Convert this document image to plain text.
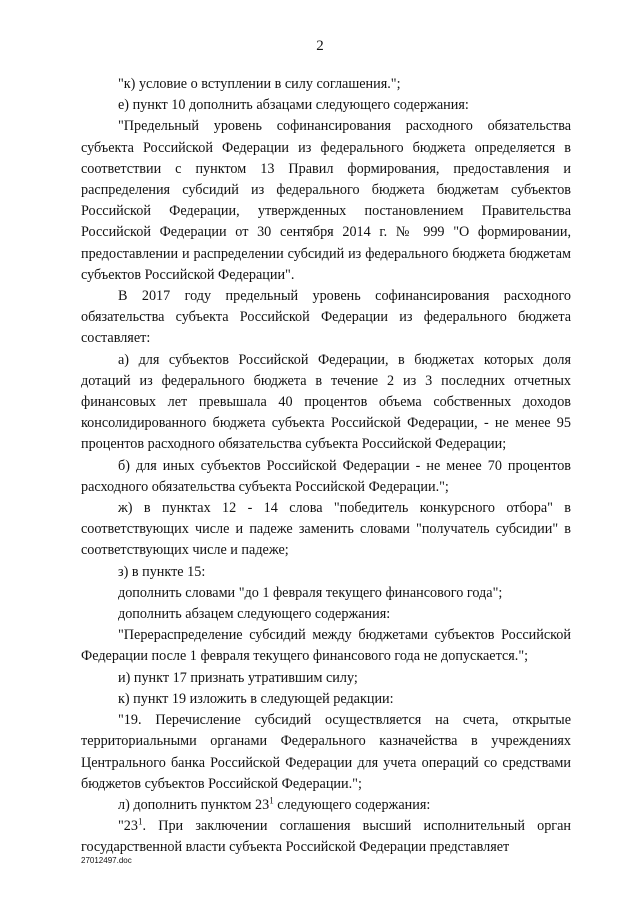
2

"к) условие о вступлении в силу соглашения.";

е) пункт 10 дополнить абзацами следующего содержания:

"Предельный уровень софинансирования расходного обязательства субъекта Российской Федерации из федерального бюджета определяется в соответствии с пунктом 13 Правил формирования, предоставления и распределения субсидий из федерального бюджета бюджетам субъектов Российской Федерации, утвержденных постановлением Правительства Российской Федерации от 30 сентября 2014 г. № 999 "О формировании, предоставлении и распределении субсидий из федерального бюджета бюджетам субъектов Российской Федерации".

В 2017 году предельный уровень софинансирования расходного обязательства субъекта Российской Федерации из федерального бюджета составляет:

а) для субъектов Российской Федерации, в бюджетах которых доля дотаций из федерального бюджета в течение 2 из 3 последних отчетных финансовых лет превышала 40 процентов объема собственных доходов консолидированного бюджета субъекта Российской Федерации, - не менее 95 процентов расходного обязательства субъекта Российской Федерации;

б) для иных субъектов Российской Федерации - не менее 70 процентов расходного обязательства субъекта Российской Федерации.";

ж) в пунктах 12 - 14 слова "победитель конкурсного отбора" в соответствующих числе и падеже заменить словами "получатель субсидии" в соответствующих числе и падеже;

з) в пункте 15:

дополнить словами "до 1 февраля текущего финансового года";

дополнить абзацем следующего содержания:

"Перераспределение субсидий между бюджетами субъектов Российской Федерации после 1 февраля текущего финансового года не допускается.";

и) пункт 17 признать утратившим силу;

к) пункт 19 изложить в следующей редакции:

"19. Перечисление субсидий осуществляется на счета, открытые территориальными органами Федерального казначейства в учреждениях Центрального банка Российской Федерации для учета операций со средствами бюджетов субъектов Российской Федерации.";

л) дополнить пунктом $23^1$ следующего содержания:

"$23^1$. При заключении соглашения высший исполнительный орган государственной власти субъекта Российской Федерации представляет

27012497.doc
